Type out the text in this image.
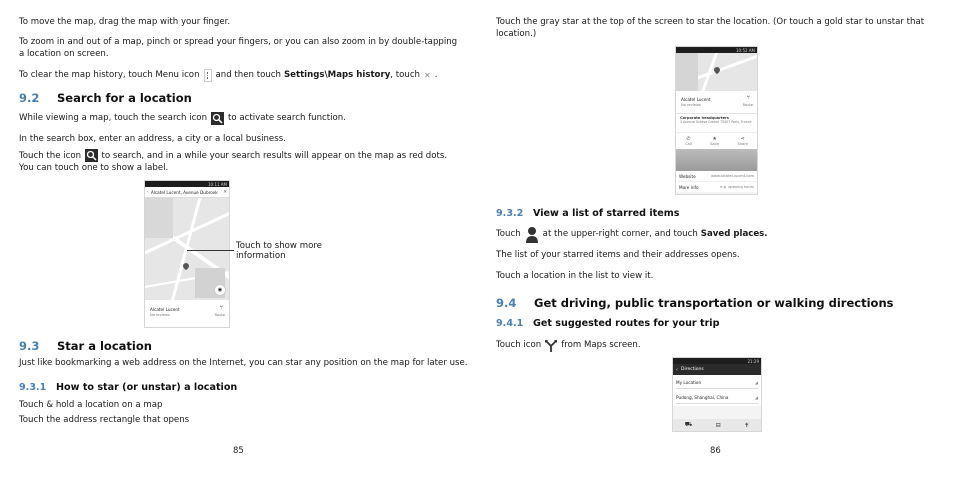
To move the map, drag the map with your finger.

To zoom in and out of a map, pinch or spread your fingers, or you can also zoom in by double-tapping a location on screen.

To clear the map history, touch Menu icon and then touch Settings\Maps history , touch ✕ .
9.2	Search for a location
While viewing a map, touch the search icon to activate search function.

In the search box, enter an address, a city or a local business.

Touch the icon to search, and in a while your search results will appear on the map as red dots. You can touch one to show a label.
10:11 AM
‹ Alcatel Lucent, Avenue Dubrovk	✕
◉
Alcatel Lucent
No reviews
⑂
Route
Touch to show more information
9.3	Star a location

Just like bookmarking a web address on the Internet, you can star any position on the map for later use.

9.3.1	How to star (or unstar) a location

Touch & hold a location on a map

Touch the address rectangle that opens

85

Touch the gray star at the top of the screen to star the location. (Or touch a gold star to unstar that location.)

10:52 AM
Alcatel Lucent
No reviews
⑂
Route
Corporate headquarters
3 Avenue Octave Greard 75007 Paris, France
✆
Call
★
Save
⋖
Share
Website	www.alcatel-lucent.com
More info	e.g. opening hours
9.3.2	View a list of starred items
Touch	at the upper-right corner, and touch Saved places.

The list of your starred items and their addresses opens.

Touch a location in the list to view it.

9.4	Get driving, public transportation or walking directions
9.4.1	Get suggested routes for your trip
Touch icon from Maps screen.
21:29
‹ Directions
My Location	◢
Pudong, Shanghai, China	◢
⛟	⊟	✝
86
